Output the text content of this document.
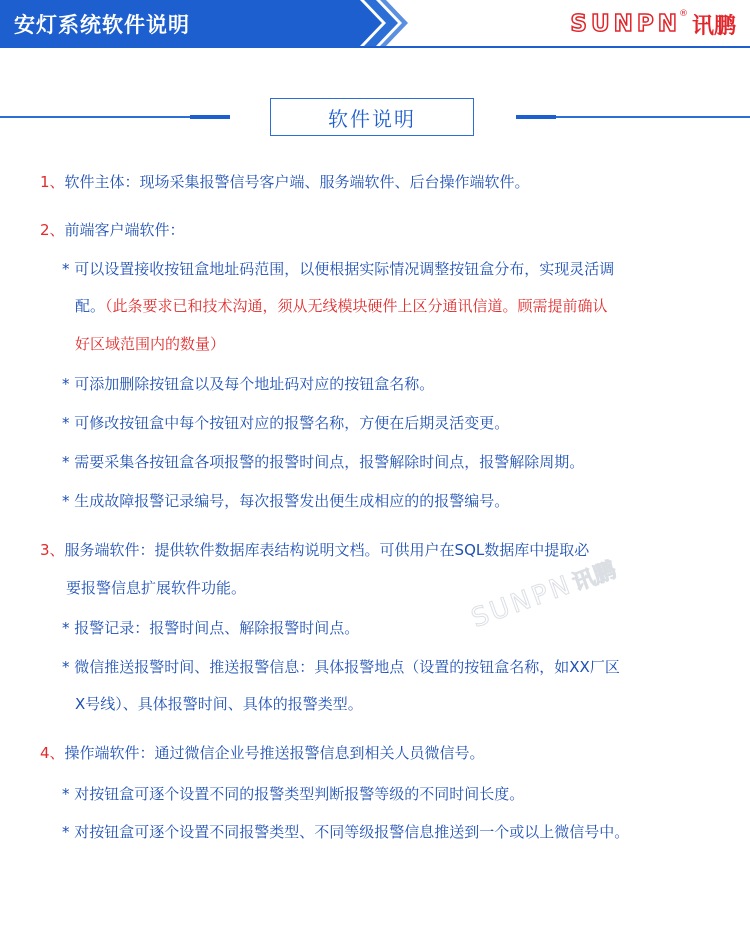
安灯系统软件说明	SUNPN
® 讯鹏
软件说明
1、软件主体：现场采集报警信号客户端、服务端软件、后台操作端软件。
2、前端客户端软件：
* 可以设置接收按钮盒地址码范围，以便根据实际情况调整按钮盒分布，实现灵活调
配。（此条要求已和技术沟通，须从无线模块硬件上区分通讯信道。顾需提前确认
好区域范围内的数量）
* 可添加删除按钮盒以及每个地址码对应的按钮盒名称。
* 可修改按钮盒中每个按钮对应的报警名称，方便在后期灵活变更。
* 需要采集各按钮盒各项报警的报警时间点，报警解除时间点，报警解除周期。
* 生成故障报警记录编号，每次报警发出便生成相应的的报警编号。
3、服务端软件：提供软件数据库表结构说明文档。可供用户在SQL数据库中提取必
要报警信息扩展软件功能。
* 报警记录：报警时间点、解除报警时间点。
* 微信推送报警时间、推送报警信息：具体报警地点（设置的按钮盒名称，如XX厂区
X号线）、具体报警时间、具体的报警类型。
4、操作端软件：通过微信企业号推送报警信息到相关人员微信号。
* 对按钮盒可逐个设置不同的报警类型判断报警等级的不同时间长度。
* 对按钮盒可逐个设置不同报警类型、不同等级报警信息推送到一个或以上微信号中。
SUNPN
讯鹏
